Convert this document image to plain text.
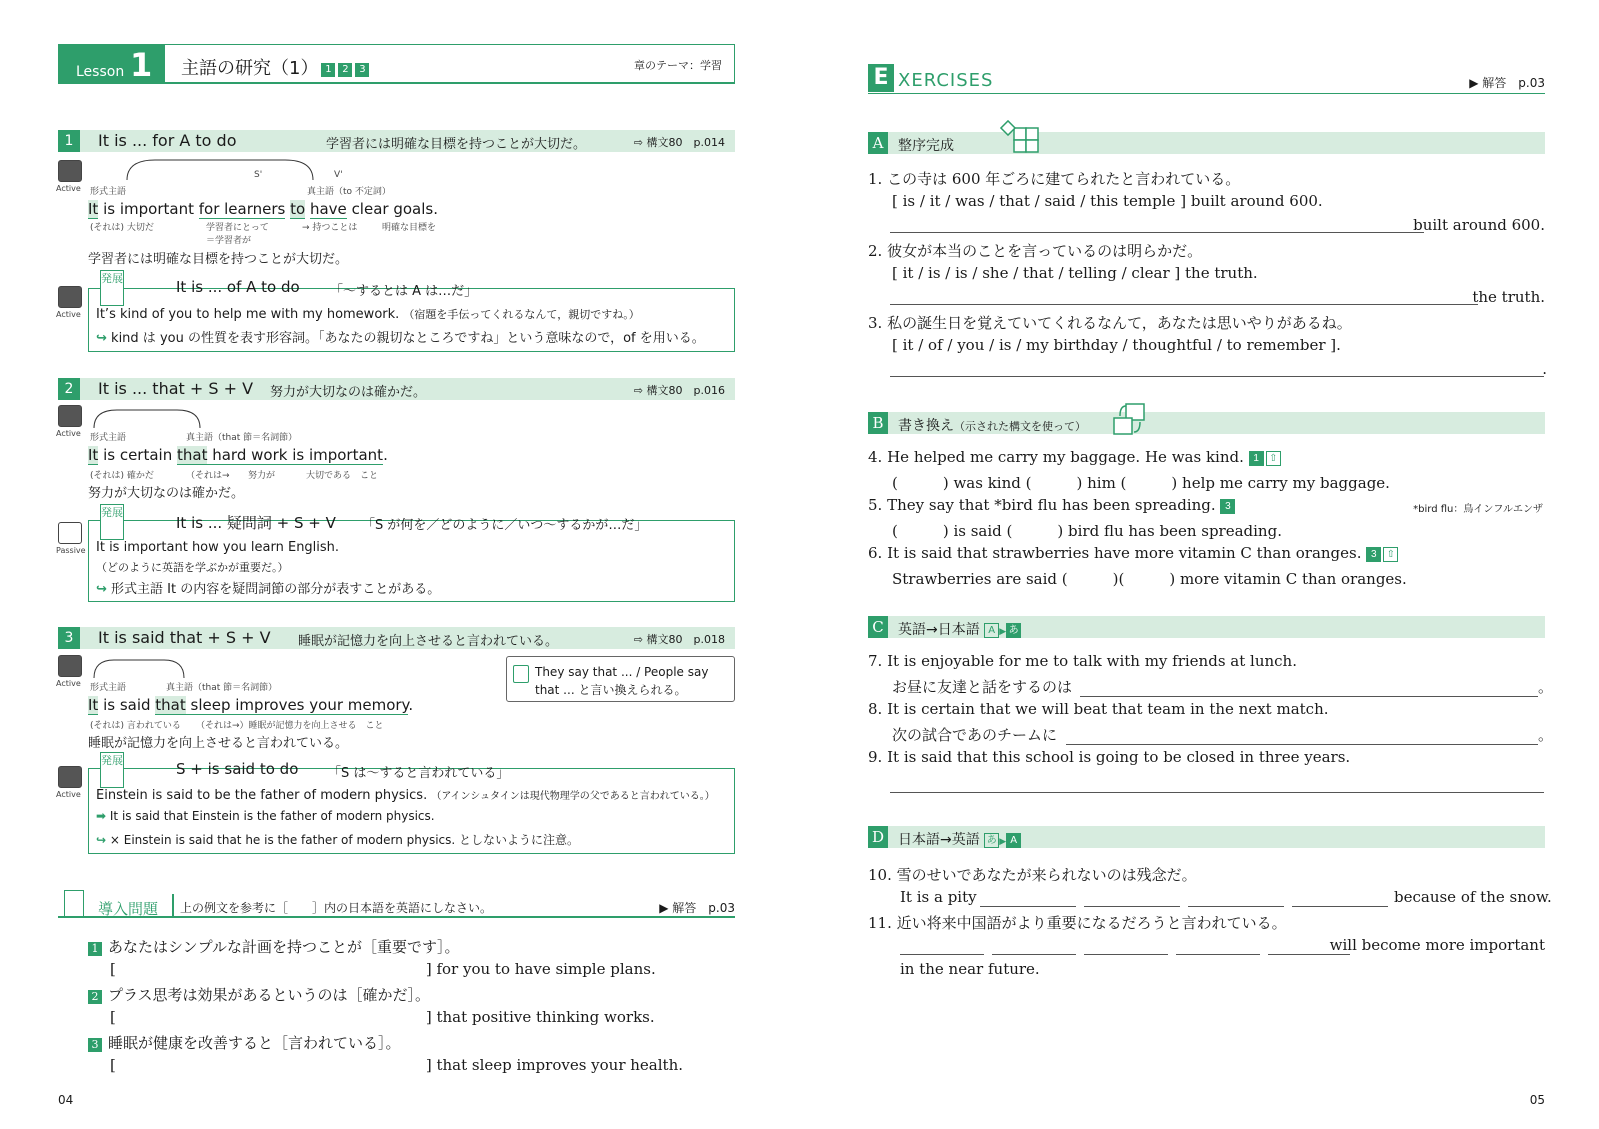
Lesson 1 主語の研究（1） 1 2 3	章のテーマ：学習
1	It is ... for A to do	学習者には明確な目標を持つことが大切だ。	⇨ 構文80　p.014
Active 形式主語
S'	V'
真主語（to 不定詞）
It is important for learners to have clear goals.
(それは) 大切だ	学習者にとって	→ 持つことは	明確な目標を
＝学習者が
学習者には明確な目標を持つことが大切だ。
Active
発展	It is ... of A to do 「～するとは A は…だ」
It’s kind of you to help me with my homework. （宿題を手伝ってくれるなんて，親切ですね。）
↪ kind は you の性質を表す形容詞。「あなたの親切なところですね」という意味なので，of を用いる。
2	It is ... that + S + V 努力が大切なのは確かだ。	⇨ 構文80　p.016
Active 形式主語	真主語（that 節＝名詞節）
It is certain that hard work is important.
(それは) 確かだ	（それは→ 努力が	大切である　こと
努力が大切なのは確かだ。
Passive
発展
It is ... 疑問詞 + S + V 「S が何を／どのように／いつ～するかが…だ」
It is important how you learn English.
（どのように英語を学ぶかが重要だ。）
↪ 形式主語 It の内容を疑問詞節の部分が表すことがある。
3	It is said that + S + V 睡眠が記憶力を向上させると言われている。	⇨ 構文80　p.018
Active 形式主語	真主語（that 節＝名詞節）
It is said that sleep improves your memory.
(それは) 言われている （それは→）睡眠が記憶力を向上させる　こと
睡眠が記憶力を向上させると言われている。
They say that ... / People say that ... と言い換えられる。
Active
発展	S + is said to do 「S は～すると言われている」
Einstein is said to be the father of modern physics. （アインシュタインは現代物理学の父であると言われている。）
➡ It is said that Einstein is the father of modern physics.
↪ × Einstein is said that he is the father of modern physics. としないように注意。
導入問題 上の例文を参考に［　　］内の日本語を英語にしなさい。	▶ 解答　p.03
1 あなたはシンプルな計画を持つことが［重要です］。
[	] for you to have simple plans.
2 プラス思考は効果があるというのは［確かだ］。
[	] that positive thinking works.
3 睡眠が健康を改善すると［言われている］。
[	] that sleep improves your health.
04
E XERCISES	▶ 解答　p.03
A	整序完成
1. この寺は 600 年ごろに建てられたと言われている。
[ is / it / was / that / said / this temple ] built around 600.
built around 600.
2. 彼女が本当のことを言っているのは明らかだ。
[ it / is / is / she / that / telling / clear ] the truth.
the truth.
3. 私の誕生日を覚えていてくれるなんて，あなたは思いやりがあるね。
[ it / of / you / is / my birthday / thoughtful / to remember ].
.
B	書き換え（示された構文を使って）
4. He helped me carry my baggage. He was kind. 1 ⇧
(　　　) was kind (　　　) him (　　　) help me carry my baggage.
5. They say that *bird flu has been spreading. 3	*bird flu：鳥インフルエンザ
(　　　) is said (　　　) bird flu has been spreading.
6. It is said that strawberries have more vitamin C than oranges. 3 ⇧
Strawberries are said (　　　)(　　　) more vitamin C than oranges.
C	英語→日本語 A ▶ あ
7. It is enjoyable for me to talk with my friends at lunch.
お昼に友達と話をするのは	。
8. It is certain that we will beat that team in the next match.
次の試合であのチームに	。
9. It is said that this school is going to be closed in three years.
D 日本語→英語 あ ▶ A
10. 雪のせいであなたが来られないのは残念だ。
It is a pity	because of the snow.
11. 近い将来中国語がより重要になるだろうと言われている。
will become more important
in the near future.
05
